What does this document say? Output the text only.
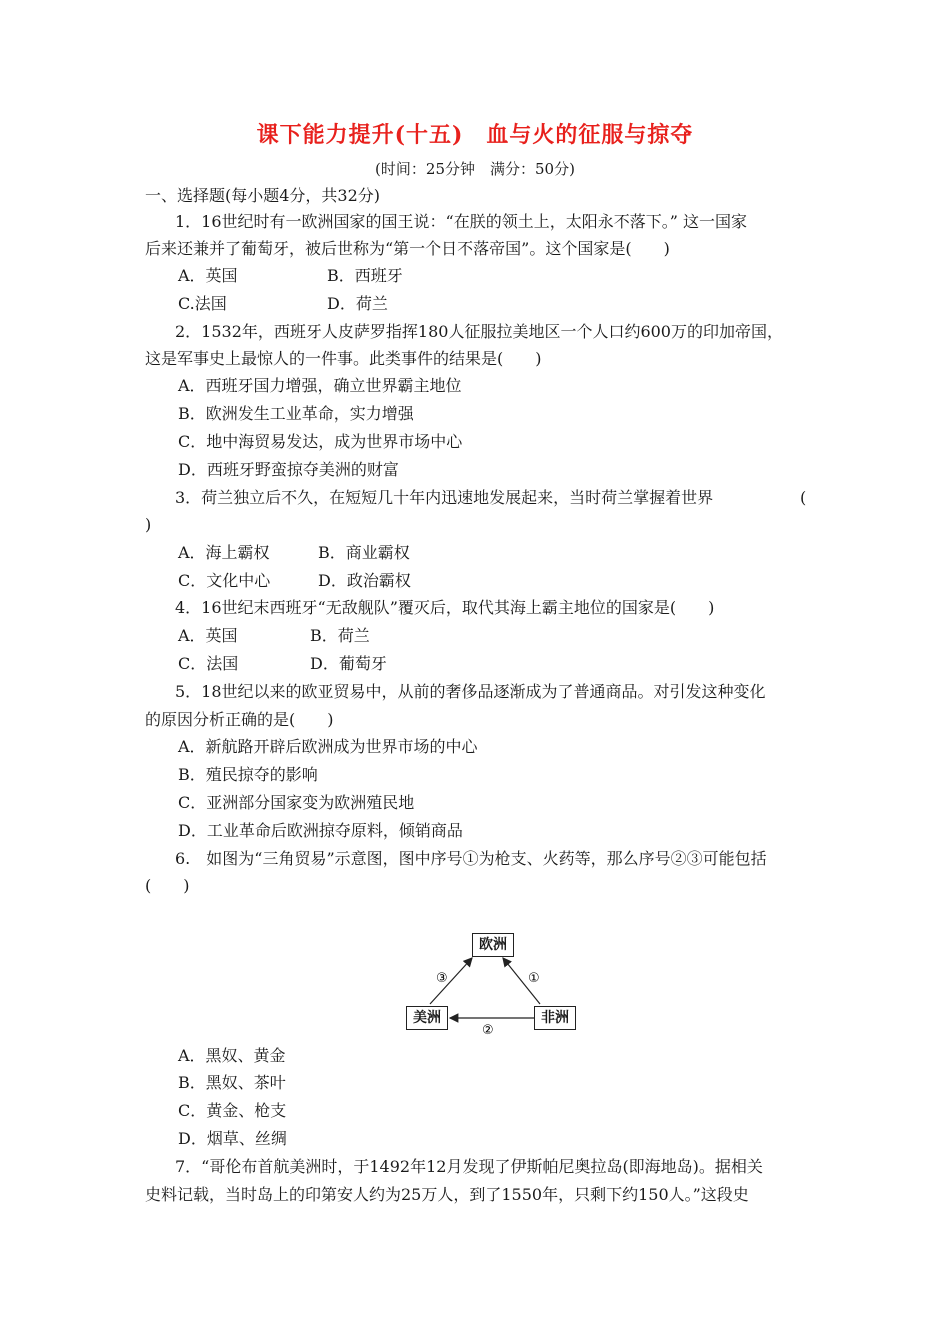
课下能力提升(十五)　血与火的征服与掠夺
(时间：25分钟　满分：50分)
一、选择题(每小题4分，共32分)
1．16世纪时有一欧洲国家的国王说：“在朕的领土上，太阳永不落下。” 这一国家
后来还兼并了葡萄牙，被后世称为“第一个日不落帝国”。这个国家是(　　)
A．英国	B．西班牙
C.法国	D．荷兰
2．1532年，西班牙人皮萨罗指挥180人征服拉美地区一个人口约600万的印加帝国，
这是军事史上最惊人的一件事。此类事件的结果是(　　)
A．西班牙国力增强，确立世界霸主地位
B．欧洲发生工业革命，实力增强
C．地中海贸易发达，成为世界市场中心
D．西班牙野蛮掠夺美洲的财富
3．荷兰独立后不久，在短短几十年内迅速地发展起来，当时荷兰掌握着世界	(
)
A．海上霸权	B．商业霸权
C．文化中心	D．政治霸权
4．16世纪末西班牙“无敌舰队”覆灭后，取代其海上霸主地位的国家是(　　)
A．英国	B．荷兰
C．法国	D．葡萄牙
5．18世纪以来的欧亚贸易中，从前的奢侈品逐渐成为了普通商品。对引发这种变化
的原因分析正确的是(　　)
A．新航路开辟后欧洲成为世界市场的中心
B．殖民掠夺的影响
C．亚洲部分国家变为欧洲殖民地
D．工业革命后欧洲掠夺原料，倾销商品
6.　如图为“三角贸易”示意图，图中序号①为枪支、火药等，那么序号②③可能包括
(　　)
①
②
③
欧洲
美洲	非洲
A．黑奴、黄金
B．黑奴、茶叶
C．黄金、枪支
D．烟草、丝绸
7．“哥伦布首航美洲时，于1492年12月发现了伊斯帕尼奥拉岛(即海地岛)。据相关
史料记载，当时岛上的印第安人约为25万人，到了1550年，只剩下约150人。”这段史
